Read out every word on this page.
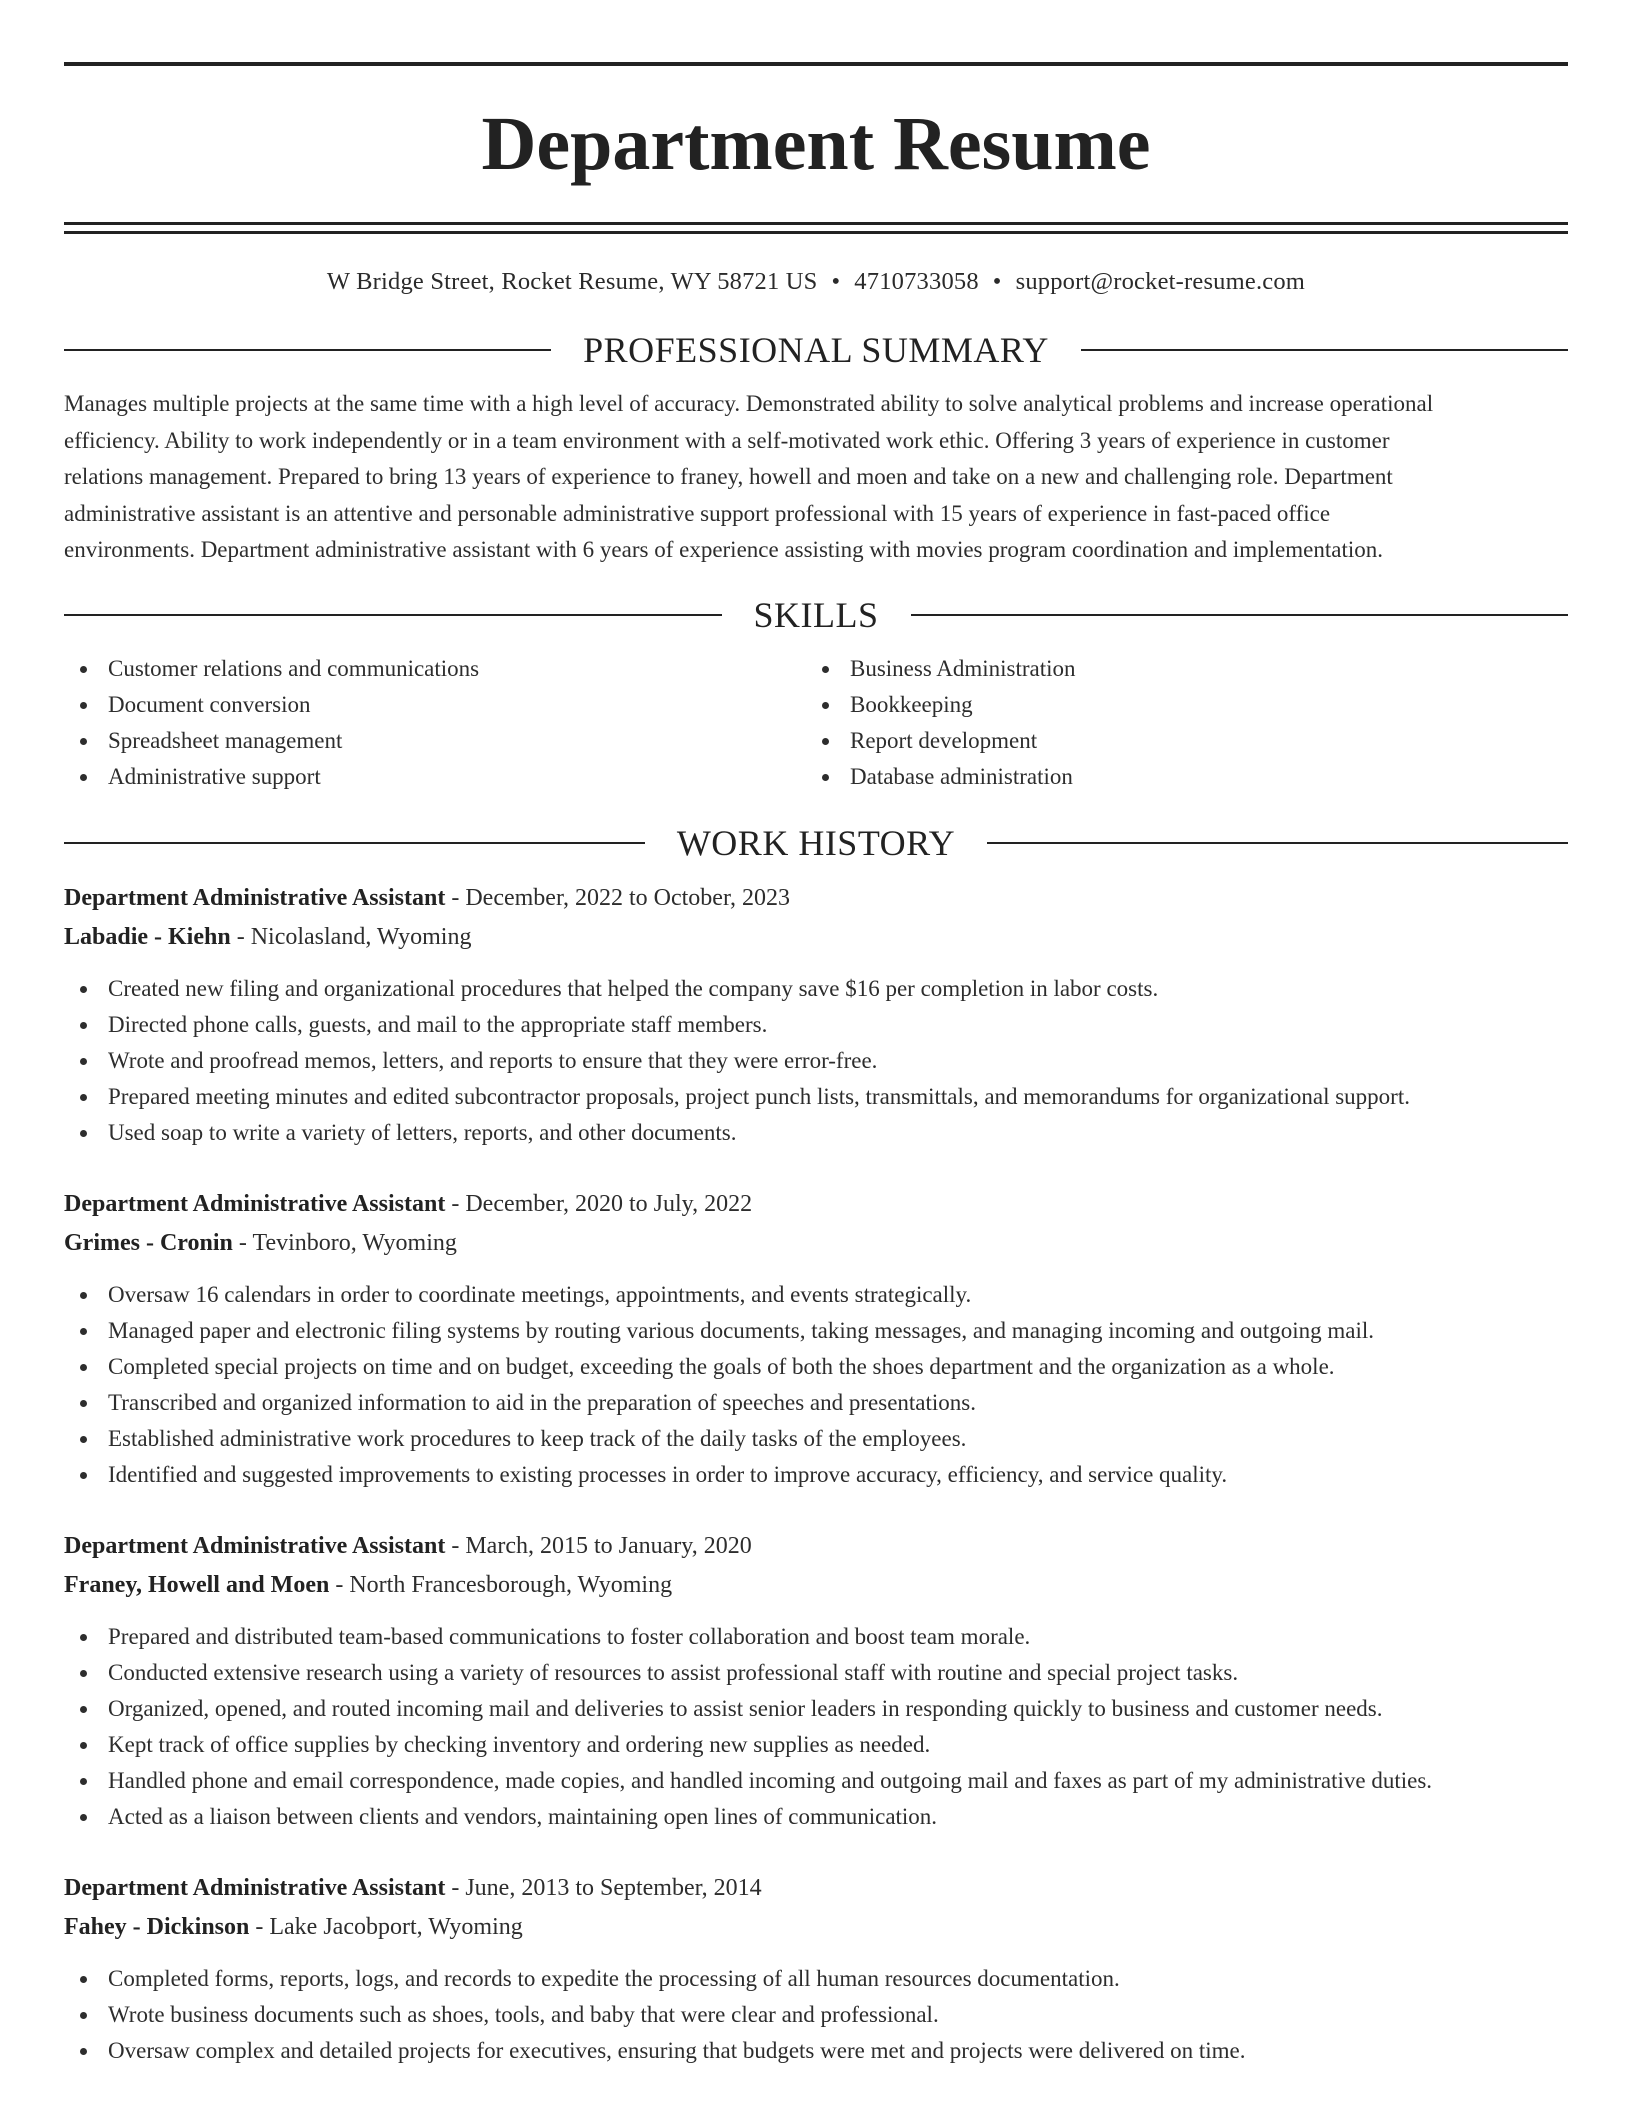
Department Resume
W Bridge Street, Rocket Resume, WY 58721 US • 4710733058 • support@rocket-resume.com
PROFESSIONAL SUMMARY
Manages multiple projects at the same time with a high level of accuracy. Demonstrated ability to solve analytical problems and increase operational
efficiency. Ability to work independently or in a team environment with a self-motivated work ethic. Offering 3 years of experience in customer
relations management. Prepared to bring 13 years of experience to franey, howell and moen and take on a new and challenging role. Department
administrative assistant is an attentive and personable administrative support professional with 15 years of experience in fast-paced office
environments. Department administrative assistant with 6 years of experience assisting with movies program coordination and implementation.
SKILLS
Customer relations and communications
Document conversion
Spreadsheet management
Administrative support
Business Administration
Bookkeeping
Report development
Database administration
WORK HISTORY
Department Administrative Assistant - December, 2022 to October, 2023
Labadie - Kiehn - Nicolasland, Wyoming
Created new filing and organizational procedures that helped the company save $16 per completion in labor costs.
Directed phone calls, guests, and mail to the appropriate staff members.
Wrote and proofread memos, letters, and reports to ensure that they were error-free.
Prepared meeting minutes and edited subcontractor proposals, project punch lists, transmittals, and memorandums for organizational support.
Used soap to write a variety of letters, reports, and other documents.
Department Administrative Assistant - December, 2020 to July, 2022
Grimes - Cronin - Tevinboro, Wyoming
Oversaw 16 calendars in order to coordinate meetings, appointments, and events strategically.
Managed paper and electronic filing systems by routing various documents, taking messages, and managing incoming and outgoing mail.
Completed special projects on time and on budget, exceeding the goals of both the shoes department and the organization as a whole.
Transcribed and organized information to aid in the preparation of speeches and presentations.
Established administrative work procedures to keep track of the daily tasks of the employees.
Identified and suggested improvements to existing processes in order to improve accuracy, efficiency, and service quality.
Department Administrative Assistant - March, 2015 to January, 2020
Franey, Howell and Moen - North Francesborough, Wyoming
Prepared and distributed team-based communications to foster collaboration and boost team morale.
Conducted extensive research using a variety of resources to assist professional staff with routine and special project tasks.
Organized, opened, and routed incoming mail and deliveries to assist senior leaders in responding quickly to business and customer needs.
Kept track of office supplies by checking inventory and ordering new supplies as needed.
Handled phone and email correspondence, made copies, and handled incoming and outgoing mail and faxes as part of my administrative duties.
Acted as a liaison between clients and vendors, maintaining open lines of communication.
Department Administrative Assistant - June, 2013 to September, 2014
Fahey - Dickinson - Lake Jacobport, Wyoming
Completed forms, reports, logs, and records to expedite the processing of all human resources documentation.
Wrote business documents such as shoes, tools, and baby that were clear and professional.
Oversaw complex and detailed projects for executives, ensuring that budgets were met and projects were delivered on time.
